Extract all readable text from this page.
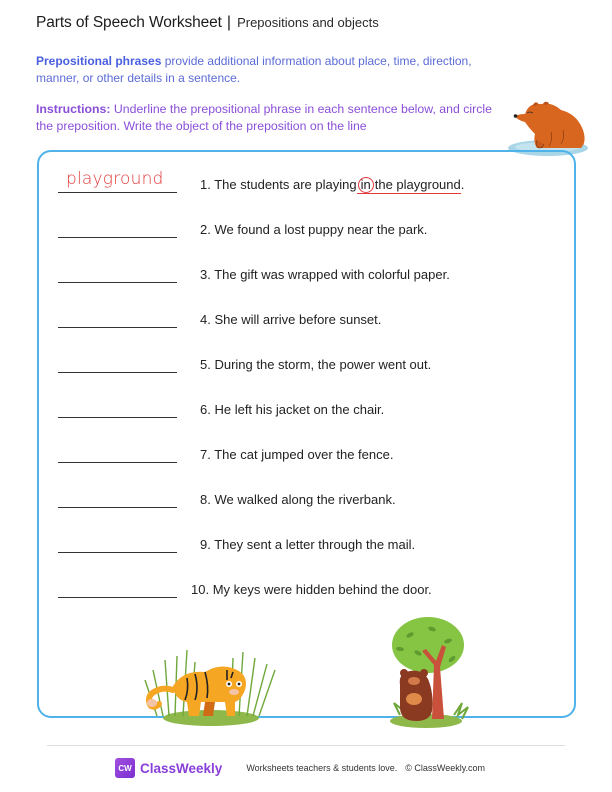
Parts of Speech Worksheet | Prepositions and objects

Prepositional phrases provide additional information about place, time, direction, manner, or other details in a sentence.

Instructions: Underline the prepositional phrase in each sentence below, and circle the preposition. Write the object of the preposition on the line

playground	1. The students are playing in the playground.
2. We found a lost puppy near the park.
3. The gift was wrapped with colorful paper.
4. She will arrive before sunset.
5. During the storm, the power went out.
6. He left his jacket on the chair.
7. The cat jumped over the fence.
8. We walked along the riverbank.
9. They sent a letter through the mail.
10. My keys were hidden behind the door.
CW ClassWeekly	Worksheets teachers & students love. © ClassWeekly.com
